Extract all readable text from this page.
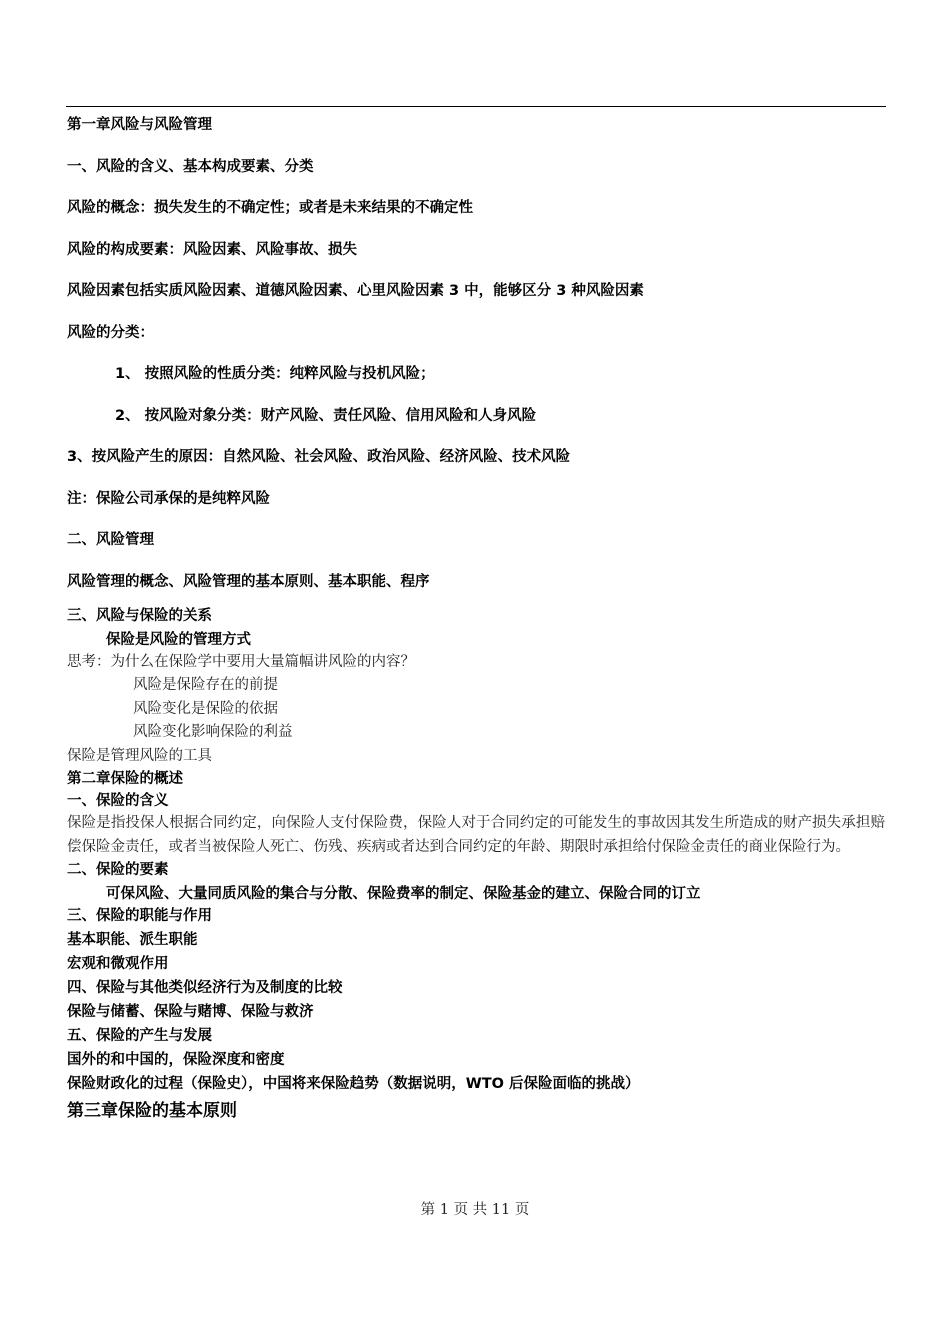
第一章风险与风险管理
一、风险的含义、基本构成要素、分类
风险的概念：损失发生的不确定性；或者是未来结果的不确定性
风险的构成要素：风险因素、风险事故、损失
风险因素包括实质风险因素、道德风险因素、心里风险因素 3 中，能够区分 3 种风险因素
风险的分类：
1、 按照风险的性质分类：纯粹风险与投机风险；
2、 按风险对象分类：财产风险、责任风险、信用风险和人身风险
3、按风险产生的原因：自然风险、社会风险、政治风险、经济风险、技术风险
注：保险公司承保的是纯粹风险
二、风险管理
风险管理的概念、风险管理的基本原则、基本职能、程序
三、风险与保险的关系
保险是风险的管理方式
思考：为什么在保险学中要用大量篇幅讲风险的内容？
风险是保险存在的前提
风险变化是保险的依据
风险变化影响保险的利益
保险是管理风险的工具
第二章保险的概述
一、保险的含义
保险是指投保人根据合同约定，向保险人支付保险费，保险人对于合同约定的可能发生的事故因其发生所造成的财产损失承担赔偿保险金责任，或者当被保险人死亡、伤残、疾病或者达到合同约定的年龄、期限时承担给付保险金责任的商业保险行为。
二、保险的要素
可保风险、大量同质风险的集合与分散、保险费率的制定、保险基金的建立、保险合同的订立
三、保险的职能与作用
基本职能、派生职能
宏观和微观作用
四、保险与其他类似经济行为及制度的比较
保险与储蓄、保险与赌博、保险与救济
五、保险的产生与发展
国外的和中国的，保险深度和密度
保险财政化的过程（保险史），中国将来保险趋势（数据说明，WTO 后保险面临的挑战）
第三章保险的基本原则
第 1 页 共 11 页
